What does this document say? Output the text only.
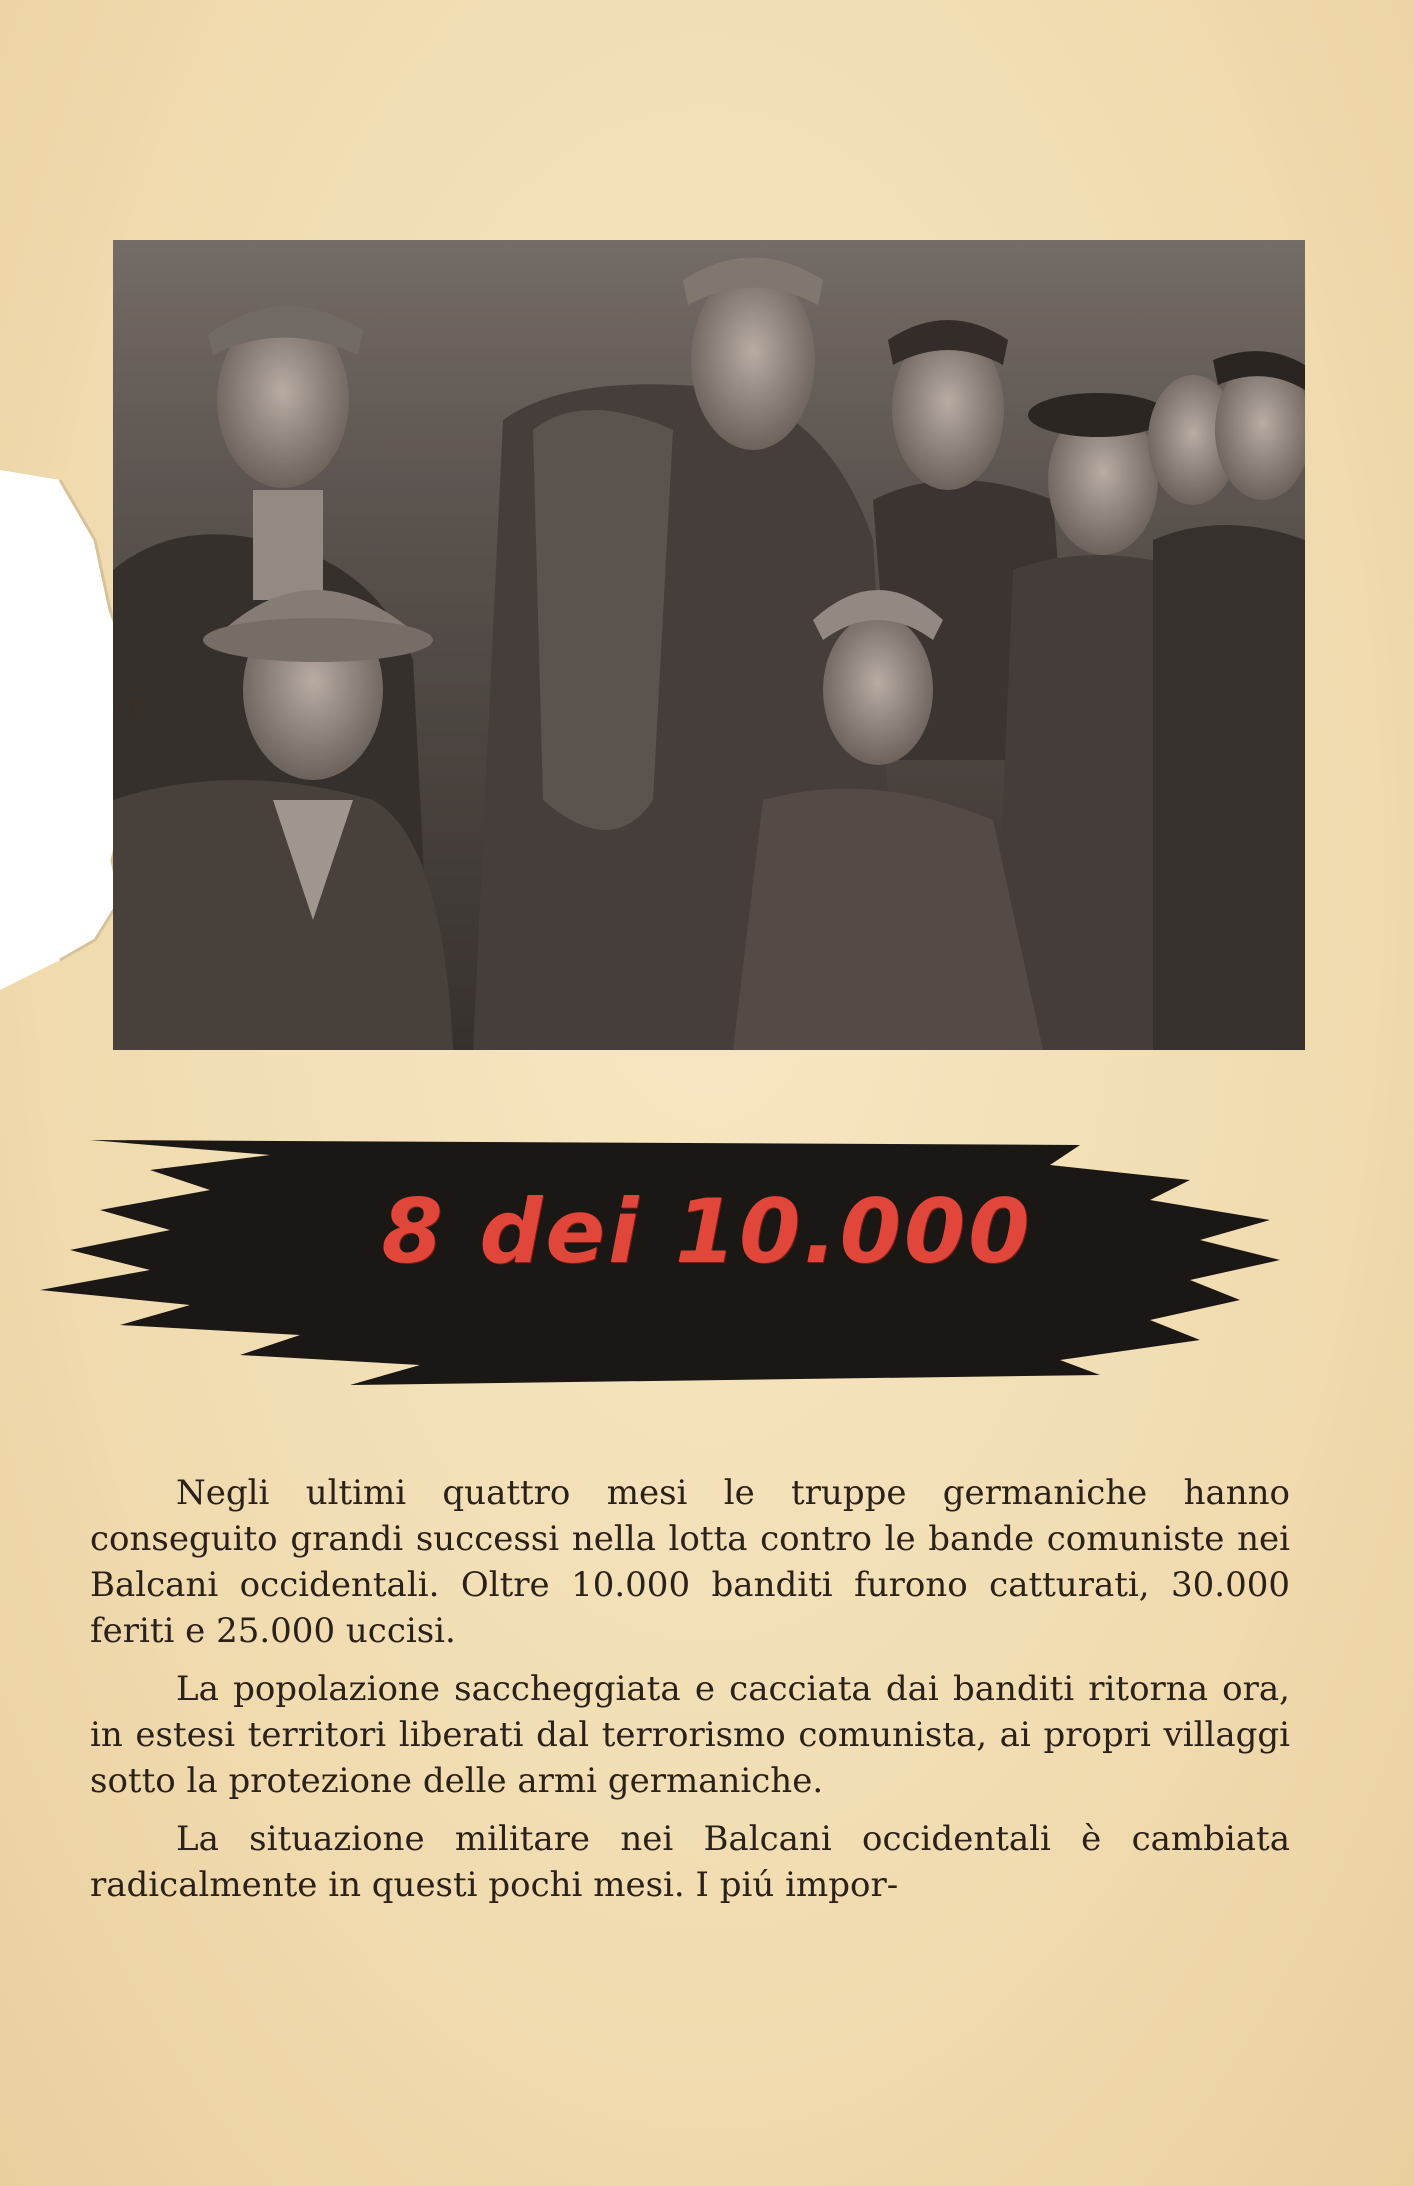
-τ
8 dei 10.000

Negli ultimi quattro mesi le truppe germaniche hanno conseguito grandi successi nella lotta contro le bande comuniste nei Balcani occidentali. Oltre 10.000 banditi furono catturati, 30.000 feriti e 25.000 uccisi.

La popolazione saccheggiata e cacciata dai banditi ritorna ora, in estesi territori liberati dal terrorismo comunista, ai propri villaggi sotto la protezione delle armi germaniche.

La situazione militare nei Balcani occidentali è cambiata radicalmente in questi pochi mesi. I piú impor-
